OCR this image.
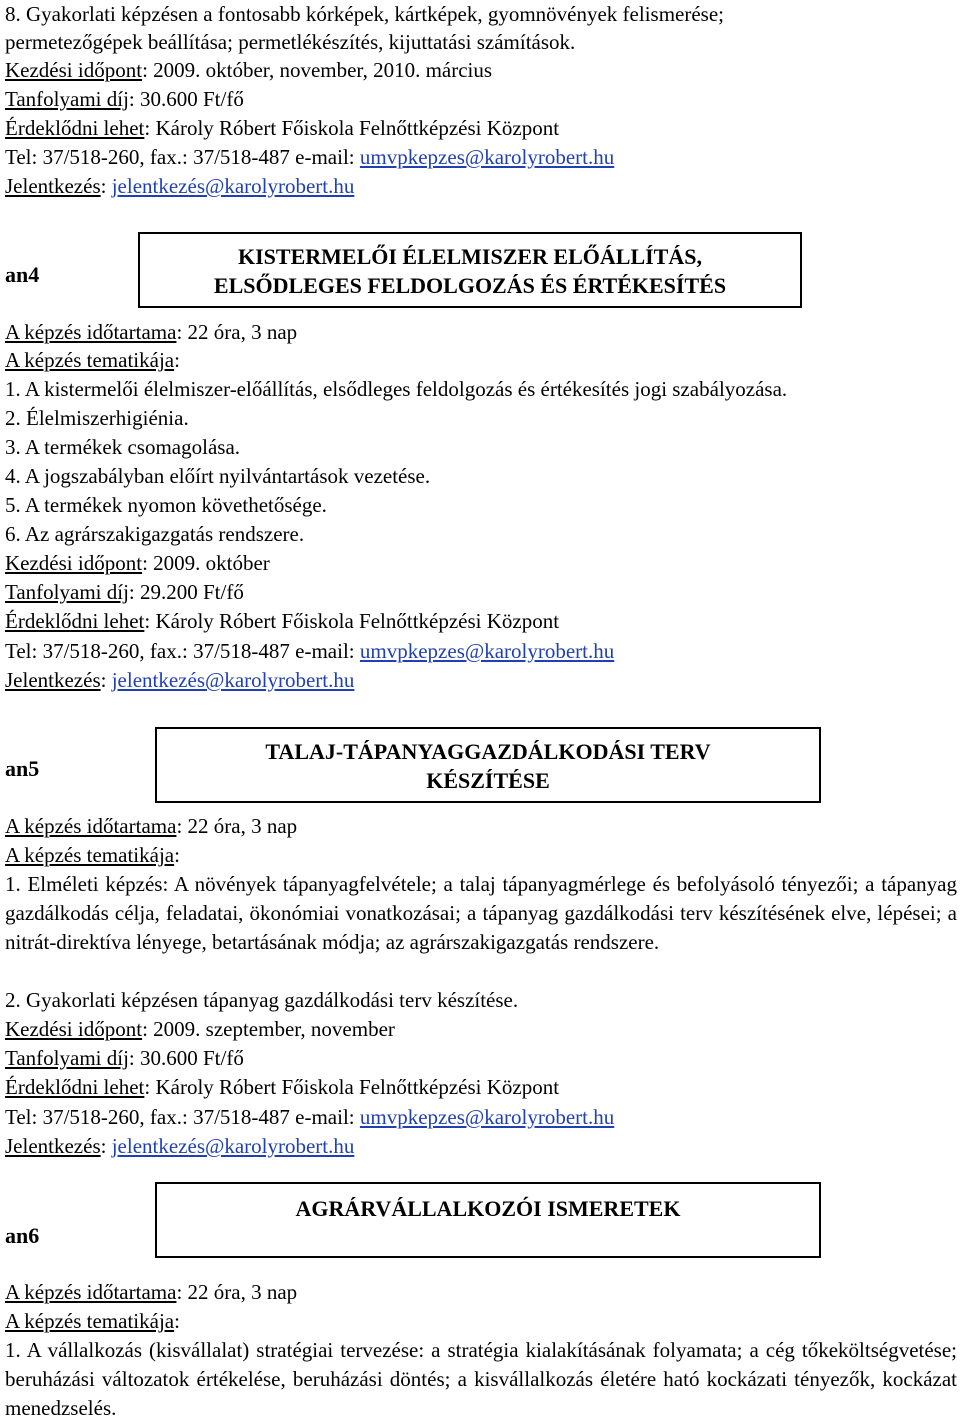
8. Gyakorlati képzésen a fontosabb kórképek, kártképek, gyomnövények felismerése;
permetezőgépek beállítása; permetlékészítés, kijuttatási számítások.
Kezdési időpont: 2009. október, november, 2010. március
Tanfolyami díj: 30.600 Ft/fő
Érdeklődni lehet: Károly Róbert Főiskola Felnőttképzési Központ
Tel: 37/518-260, fax.: 37/518-487 e-mail: umvpkepzes@karolyrobert.hu
Jelentkezés: jelentkezés@karolyrobert.hu
an4
KISTERMELŐI ÉLELMISZER ELŐÁLLÍTÁS,
ELSŐDLEGES FELDOLGOZÁS ÉS ÉRTÉKESÍTÉS
A képzés időtartama: 22 óra, 3 nap
A képzés tematikája:
1. A kistermelői élelmiszer-előállítás, elsődleges feldolgozás és értékesítés jogi szabályozása.
2. Élelmiszerhigiénia.
3. A termékek csomagolása.
4. A jogszabályban előírt nyilvántartások vezetése.
5. A termékek nyomon követhetősége.
6. Az agrárszakigazgatás rendszere.
Kezdési időpont: 2009. október
Tanfolyami díj: 29.200 Ft/fő
Érdeklődni lehet: Károly Róbert Főiskola Felnőttképzési Központ
Tel: 37/518-260, fax.: 37/518-487 e-mail: umvpkepzes@karolyrobert.hu
Jelentkezés: jelentkezés@karolyrobert.hu
an5
TALAJ-TÁPANYAGGAZDÁLKODÁSI TERV
KÉSZÍTÉSE
A képzés időtartama: 22 óra, 3 nap
A képzés tematikája:
1. Elméleti képzés: A növények tápanyagfelvétele; a talaj tápanyagmérlege és befolyásoló tényezői; a tápanyag gazdálkodás célja, feladatai, ökonómiai vonatkozásai; a tápanyag gazdálkodási terv készítésének elve, lépései; a nitrát-direktíva lényege, betartásának módja; az agrárszakigazgatás rendszere.
2. Gyakorlati képzésen tápanyag gazdálkodási terv készítése.
Kezdési időpont: 2009. szeptember, november
Tanfolyami díj: 30.600 Ft/fő
Érdeklődni lehet: Károly Róbert Főiskola Felnőttképzési Központ
Tel: 37/518-260, fax.: 37/518-487 e-mail: umvpkepzes@karolyrobert.hu
Jelentkezés: jelentkezés@karolyrobert.hu
an6
AGRÁRVÁLLALKOZÓI ISMERETEK
A képzés időtartama: 22 óra, 3 nap
A képzés tematikája:
1. A vállalkozás (kisvállalat) stratégiai tervezése: a stratégia kialakításának folyamata; a cég tőkeköltségvetése; beruházási változatok értékelése, beruházási döntés; a kisvállalkozás életére ható kockázati tényezők, kockázat menedzselés.
